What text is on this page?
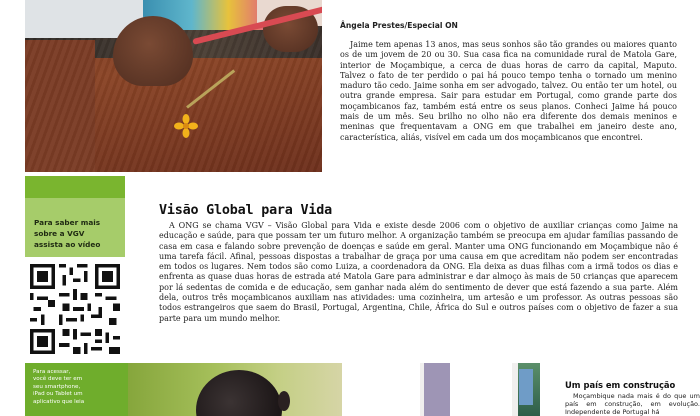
Ângela Prestes/Especial ON

Jaime tem apenas 13 anos, mas seus sonhos são tão grandes ou maiores quanto os de um jovem de 20 ou 30. Sua casa fica na comunidade rural de Matola Gare, interior de Moçambique, a cerca de duas horas de carro da capital, Maputo. Talvez o fato de ter perdido o pai há pouco tempo tenha o tornado um menino maduro tão cedo. Jaime sonha em ser advogado, talvez. Ou então ter um hotel, ou outra grande empresa. Sair para estudar em Portugal, como grande parte dos moçambicanos faz, também está entre os seus planos. Conheci Jaime há pouco mais de um mês. Seu brilho no olho não era diferente dos demais meninos e meninas que frequentavam a ONG em que trabalhei em janeiro deste ano, característica, aliás, visível em cada um dos moçambicanos que encontrei.

Para saber mais
sobre a VGV
assista ao vídeo
Visão Global para Vida

A ONG se chama VGV – Visão Global para Vida e existe desde 2006 com o objetivo de auxiliar crianças como Jaime na educação e saúde, para que possam ter um futuro melhor. A organização também se preocupa em ajudar famílias passando de casa em casa e falando sobre prevenção de doenças e saúde em geral. Manter uma ONG funcionando em Moçambique não é uma tarefa fácil. Afinal, pessoas dispostas a trabalhar de graça por uma causa em que acreditam não podem ser encontradas em todos os lugares. Nem todos são como Luiza, a coordenadora da ONG. Ela deixa as duas filhas com a irmã todos os dias e enfrenta as quase duas horas de estrada até Matola Gare para administrar e dar almoço às mais de 50 crianças que aparecem por lá sedentas de comida e de educação, sem ganhar nada além do sentimento de dever que está fazendo a sua parte. Além dela, outros três moçambicanos auxiliam nas atividades: uma cozinheira, um artesão e um professor. As outras pessoas são todos estrangeiros que saem do Brasil, Portugal, Argentina, Chile, África do Sul e outros países com o objetivo de fazer a sua parte para um mundo melhor.

Para acessar,
você deve ter em
seu smartphone,
iPad ou Tablet um
aplicativo que leia
Um país em construção

Moçambique nada mais é do que um país em construção, em evolução. Independente de Portugal há
